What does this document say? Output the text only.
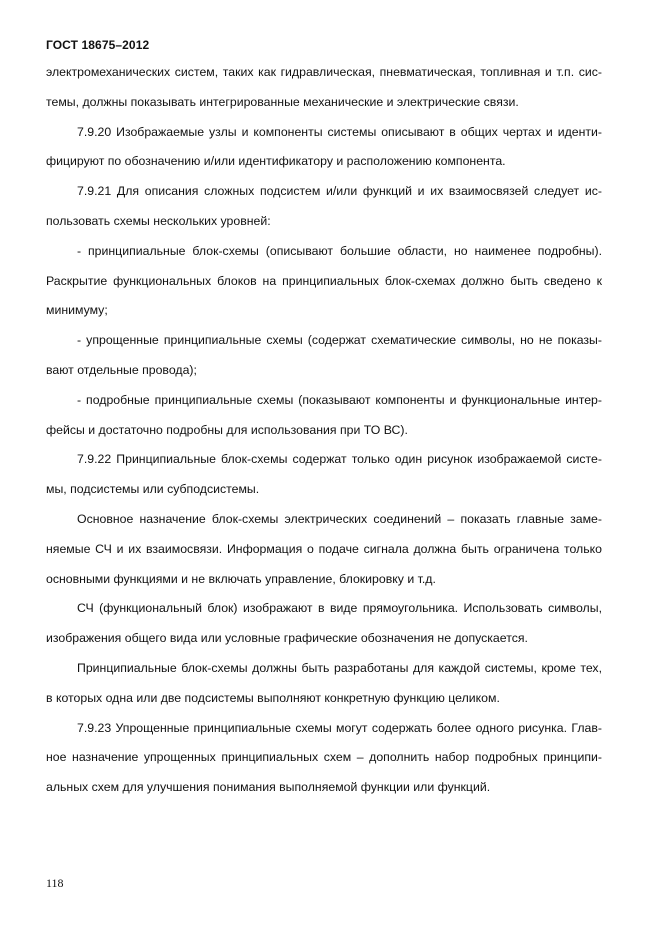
ГОСТ 18675–2012
электромеханических систем, таких как гидравлическая, пневматическая, топливная и т.п. сис-
темы, должны показывать интегрированные механические и электрические связи.
7.9.20 Изображаемые узлы и компоненты системы описывают в общих чертах и иденти-
фицируют по обозначению и/или идентификатору и расположению компонента.
7.9.21 Для описания сложных подсистем и/или функций и их взаимосвязей следует ис-
пользовать схемы нескольких уровней:
- принципиальные блок-схемы (описывают большие области, но наименее подробны).
Раскрытие функциональных блоков на принципиальных блок-схемах должно быть сведено к
минимуму;
- упрощенные принципиальные схемы (содержат схематические символы, но не показы-
вают отдельные провода);
- подробные принципиальные схемы (показывают компоненты и функциональные интер-
фейсы и достаточно подробны для использования при ТО ВС).
7.9.22 Принципиальные блок-схемы содержат только один рисунок изображаемой систе-
мы, подсистемы или субподсистемы.
Основное назначение блок-схемы электрических соединений – показать главные заме-
няемые СЧ и их взаимосвязи. Информация о подаче сигнала должна быть ограничена только
основными функциями и не включать управление, блокировку и т.д.
СЧ (функциональный блок) изображают в виде прямоугольника. Использовать символы,
изображения общего вида или условные графические обозначения не допускается.
Принципиальные блок-схемы должны быть разработаны для каждой системы, кроме тех,
в которых одна или две подсистемы выполняют конкретную функцию целиком.
7.9.23 Упрощенные принципиальные схемы могут содержать более одного рисунка. Глав-
ное назначение упрощенных принципиальных схем – дополнить набор подробных принципи-
альных схем для улучшения понимания выполняемой функции или функций.
118
